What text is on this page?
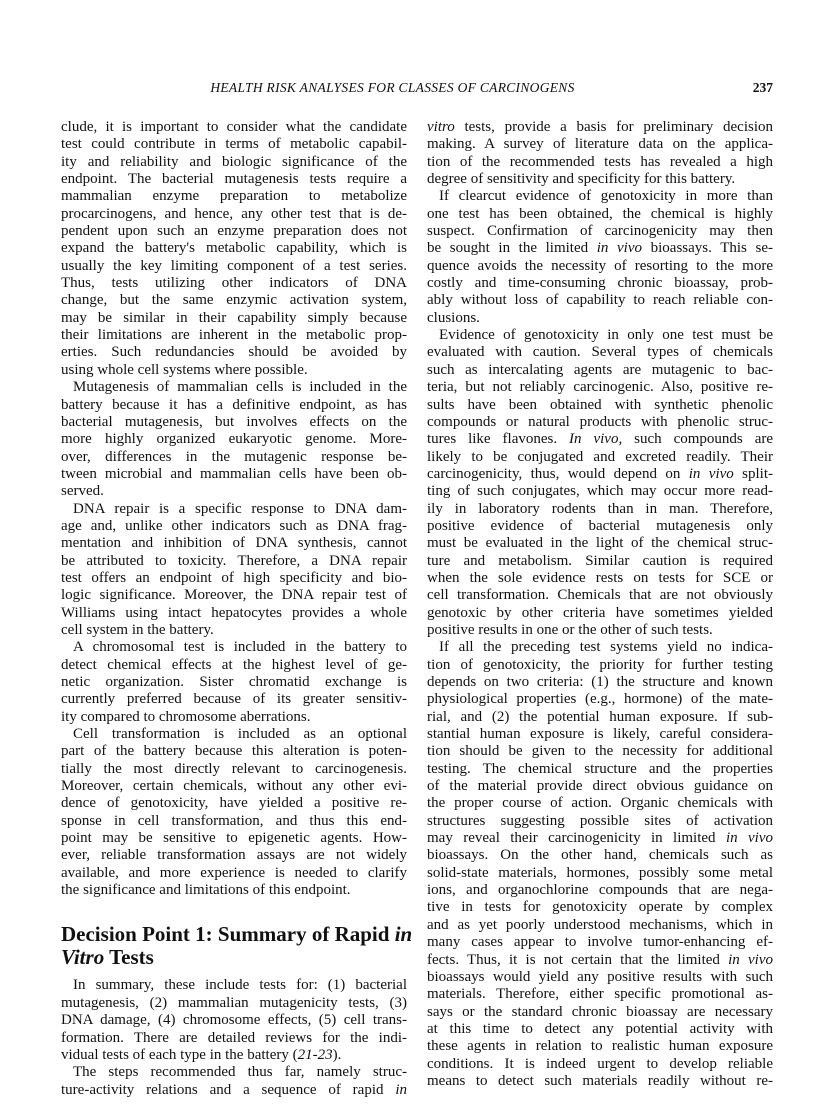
HEALTH RISK ANALYSES FOR CLASSES OF CARCINOGENS	237
clude, it is important to consider what the candidate
test could contribute in terms of metabolic capabil-
ity and reliability and biologic significance of the
endpoint. The bacterial mutagenesis tests require a
mammalian enzyme preparation to metabolize
procarcinogens, and hence, any other test that is de-
pendent upon such an enzyme preparation does not
expand the battery's metabolic capability, which is
usually the key limiting component of a test series.
Thus, tests utilizing other indicators of DNA
change, but the same enzymic activation system,
may be similar in their capability simply because
their limitations are inherent in the metabolic prop-
erties. Such redundancies should be avoided by
using whole cell systems where possible.
Mutagenesis of mammalian cells is included in the
battery because it has a definitive endpoint, as has
bacterial mutagenesis, but involves effects on the
more highly organized eukaryotic genome. More-
over, differences in the mutagenic response be-
tween microbial and mammalian cells have been ob-
served.
DNA repair is a specific response to DNA dam-
age and, unlike other indicators such as DNA frag-
mentation and inhibition of DNA synthesis, cannot
be attributed to toxicity. Therefore, a DNA repair
test offers an endpoint of high specificity and bio-
logic significance. Moreover, the DNA repair test of
Williams using intact hepatocytes provides a whole
cell system in the battery.
A chromosomal test is included in the battery to
detect chemical effects at the highest level of ge-
netic organization. Sister chromatid exchange is
currently preferred because of its greater sensitiv-
ity compared to chromosome aberrations.
Cell transformation is included as an optional
part of the battery because this alteration is poten-
tially the most directly relevant to carcinogenesis.
Moreover, certain chemicals, without any other evi-
dence of genotoxicity, have yielded a positive re-
sponse in cell transformation, and thus this end-
point may be sensitive to epigenetic agents. How-
ever, reliable transformation assays are not widely
available, and more experience is needed to clarify
the significance and limitations of this endpoint.
Decision Point 1: Summary of Rapid in
Vitro Tests
In summary, these include tests for: (1) bacterial
mutagenesis, (2) mammalian mutagenicity tests, (3)
DNA damage, (4) chromosome effects, (5) cell trans-
formation. There are detailed reviews for the indi-
vidual tests of each type in the battery (21-23).
The steps recommended thus far, namely struc-
ture-activity relations and a sequence of rapid in
vitro tests, provide a basis for preliminary decision
making. A survey of literature data on the applica-
tion of the recommended tests has revealed a high
degree of sensitivity and specificity for this battery.
If clearcut evidence of genotoxicity in more than
one test has been obtained, the chemical is highly
suspect. Confirmation of carcinogenicity may then
be sought in the limited in vivo bioassays. This se-
quence avoids the necessity of resorting to the more
costly and time-consuming chronic bioassay, prob-
ably without loss of capability to reach reliable con-
clusions.
Evidence of genotoxicity in only one test must be
evaluated with caution. Several types of chemicals
such as intercalating agents are mutagenic to bac-
teria, but not reliably carcinogenic. Also, positive re-
sults have been obtained with synthetic phenolic
compounds or natural products with phenolic struc-
tures like flavones. In vivo, such compounds are
likely to be conjugated and excreted readily. Their
carcinogenicity, thus, would depend on in vivo split-
ting of such conjugates, which may occur more read-
ily in laboratory rodents than in man. Therefore,
positive evidence of bacterial mutagenesis only
must be evaluated in the light of the chemical struc-
ture and metabolism. Similar caution is required
when the sole evidence rests on tests for SCE or
cell transformation. Chemicals that are not obviously
genotoxic by other criteria have sometimes yielded
positive results in one or the other of such tests.
If all the preceding test systems yield no indica-
tion of genotoxicity, the priority for further testing
depends on two criteria: (1) the structure and known
physiological properties (e.g., hormone) of the mate-
rial, and (2) the potential human exposure. If sub-
stantial human exposure is likely, careful considera-
tion should be given to the necessity for additional
testing. The chemical structure and the properties
of the material provide direct obvious guidance on
the proper course of action. Organic chemicals with
structures suggesting possible sites of activation
may reveal their carcinogenicity in limited in vivo
bioassays. On the other hand, chemicals such as
solid-state materials, hormones, possibly some metal
ions, and organochlorine compounds that are nega-
tive in tests for genotoxicity operate by complex
and as yet poorly understood mechanisms, which in
many cases appear to involve tumor-enhancing ef-
fects. Thus, it is not certain that the limited in vivo
bioassays would yield any positive results with such
materials. Therefore, either specific promotional as-
says or the standard chronic bioassay are necessary
at this time to detect any potential activity with
these agents in relation to realistic human exposure
conditions. It is indeed urgent to develop reliable
means to detect such materials readily without re-
